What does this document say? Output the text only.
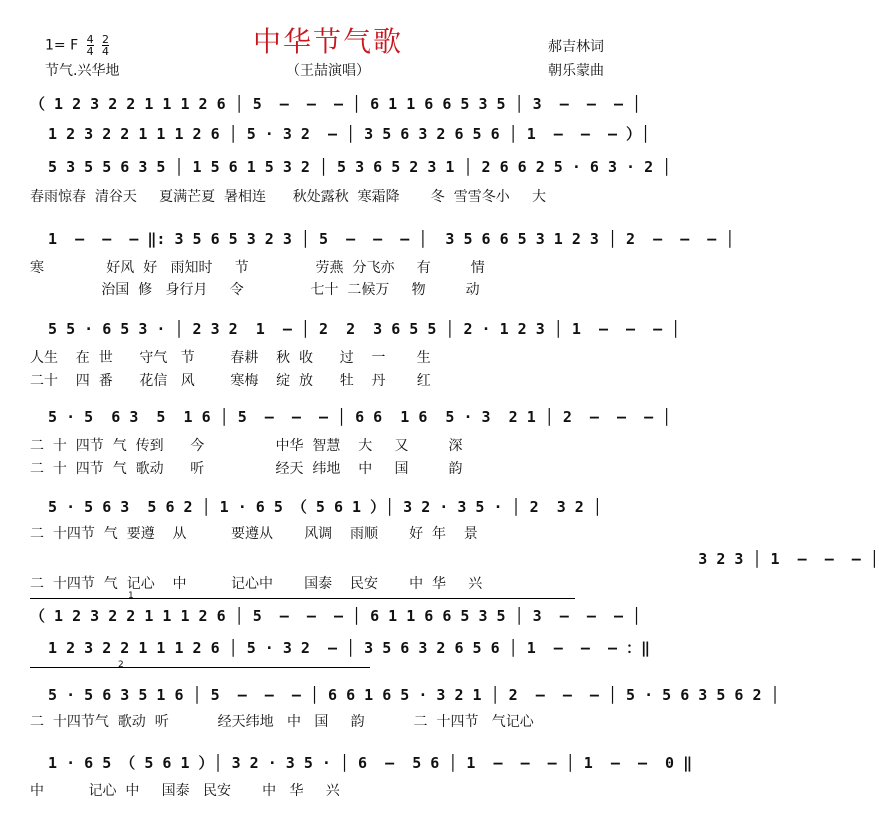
中华节气歌
（王喆演唱）
1= F $\frac{4}{4}$
$\frac{2}{4}$
节气.兴华地
郝吉林词
朝乐蒙曲
（ 1 2 3 2 2 1 1 1 2 6 │ 5  –  –  – │ 6 1 1 6 6 5 3 5 │ 3  –  –  – │
1 2 3 2 2 1 1 1 2 6 │ 5 · 3 2  – │ 3 5 6 3 2 6 5 6 │ 1  –  –  – ）│
5 3 5 5 6 3 5 │ 1 5 6 1 5 3 2 │ 5 3 6 5 2 3 1 │ 2 6 6 2 5 · 6 3 · 2 │
春雨惊春  清谷天     夏满芒夏  暑相连      秋处露秋  寒霜降       冬  雪雪冬小     大
1  –  –  – ‖: 3 5 6 5 3 2 3 │ 5  –  –  – │  3 5 6 6 5 3 1 2 3 │ 2  –  –  – │
寒              好风  好   雨知时     节               劳燕  分飞亦     有         情
治国  修   身行月     令               七十  二候万     物         动
5 5 · 6 5 3 · │ 2 3 2  1  – │ 2  2  3 6 5 5 │ 2 · 1 2 3 │ 1  –  –  – │
人生    在  世      守气   节        春耕    秋  收      过    一       生
二十    四  番      花信   风        寒梅    绽  放      牡    丹       红
5 · 5  6 3  5  1 6 │ 5  –  –  – │ 6 6  1 6  5 · 3  2 1 │ 2  –  –  – │
二  十  四节  气  传到      今                中华  智慧    大     又         深
二  十  四节  气  歌动      听                经天  纬地    中     国         韵
5 · 5 6 3  5 6 2 │ 1 · 6 5 （ 5 6 1 ）│ 3 2 · 3 5 · │ 2  3 2 │
二  十四节  气  要遵    从          要遵从       风调    雨顺       好  年    景
3 2 3 │ 1  –  –  – │
二  十四节  气  记心    中          记心中       国泰    民安       中  华     兴
1
（ 1 2 3 2 2 1 1 1 2 6 │ 5  –  –  – │ 6 1 1 6 6 5 3 5 │ 3  –  –  – │
1 2 3 2 2 1 1 1 2 6 │ 5 · 3 2  – │ 3 5 6 3 2 6 5 6 │ 1  –  –  – ：‖
2
5 · 5 6 3 5 1 6 │ 5  –  –  – │ 6 6 1 6 5 · 3 2 1 │ 2  –  –  – │ 5 · 5 6 3 5 6 2 │
二  十四节气  歌动  听           经天纬地   中   国     韵           二  十四节   气记心
1 · 6 5 （ 5 6 1 ）│ 3 2 · 3 5 · │ 6  –  5 6 │ 1  –  –  – │ 1  –  –  0 ‖
中          记心  中     国泰   民安       中   华     兴
